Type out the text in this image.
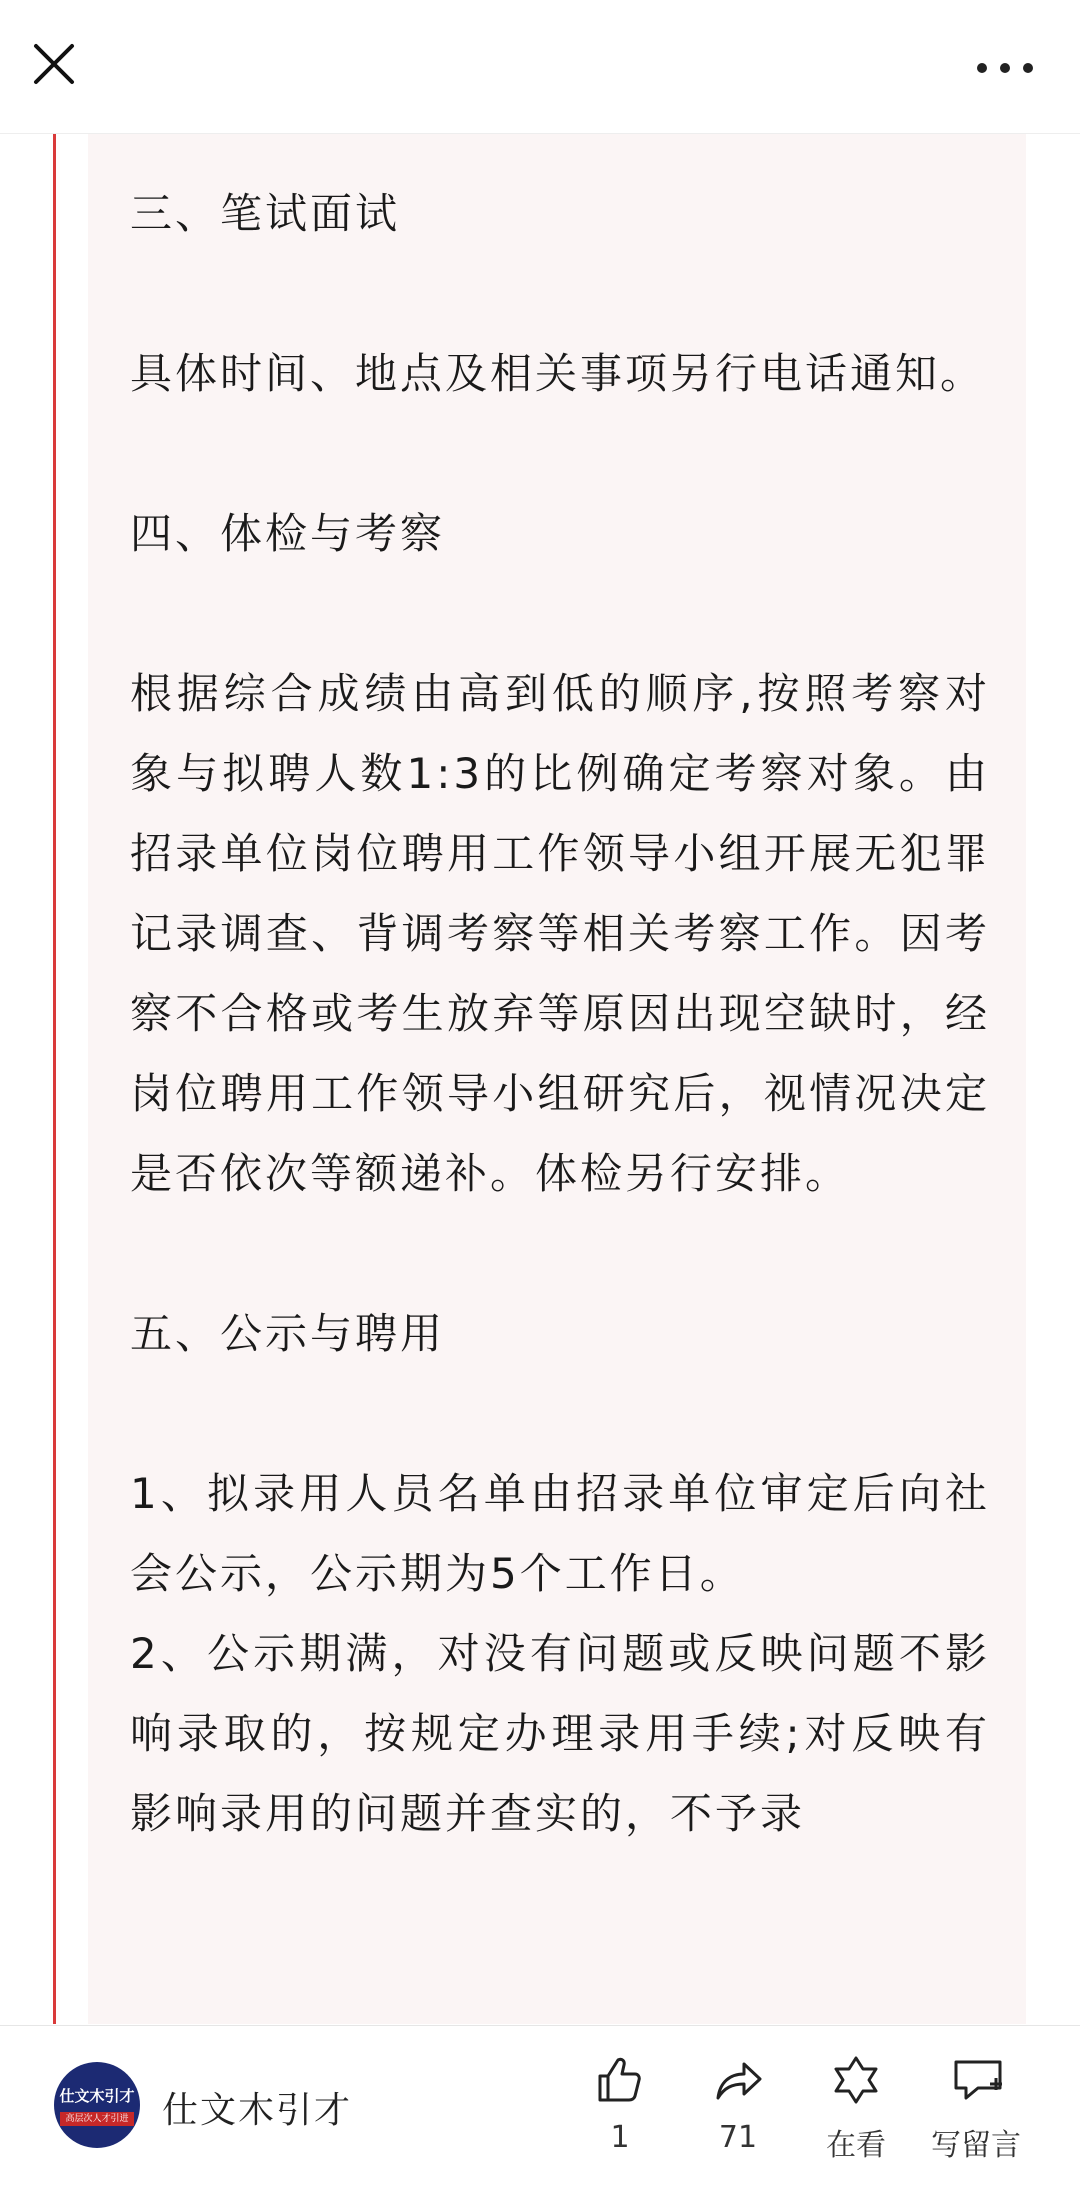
三、笔试面试

具体时间、地点及相关事项另行电话通知。

四、体检与考察

根据综合成绩由高到低的顺序,按照考察对象与拟聘人数1:3的比例确定考察对象。由招录单位岗位聘用工作领导小组开展无犯罪记录调查、背调考察等相关考察工作。因考察不合格或考生放弃等原因出现空缺时，经岗位聘用工作领导小组研究后，视情况决定是否依次等额递补。体检另行安排。

五、公示与聘用

1、拟录用人员名单由招录单位审定后向社会公示，公示期为5个工作日。

2、公示期满，对没有问题或反映问题不影响录取的，按规定办理录用手续;对反映有影响录用的问题并查实的，不予录

仕文木引才
高层次人才引进 仕文木引才
1	71	在看	写留言
